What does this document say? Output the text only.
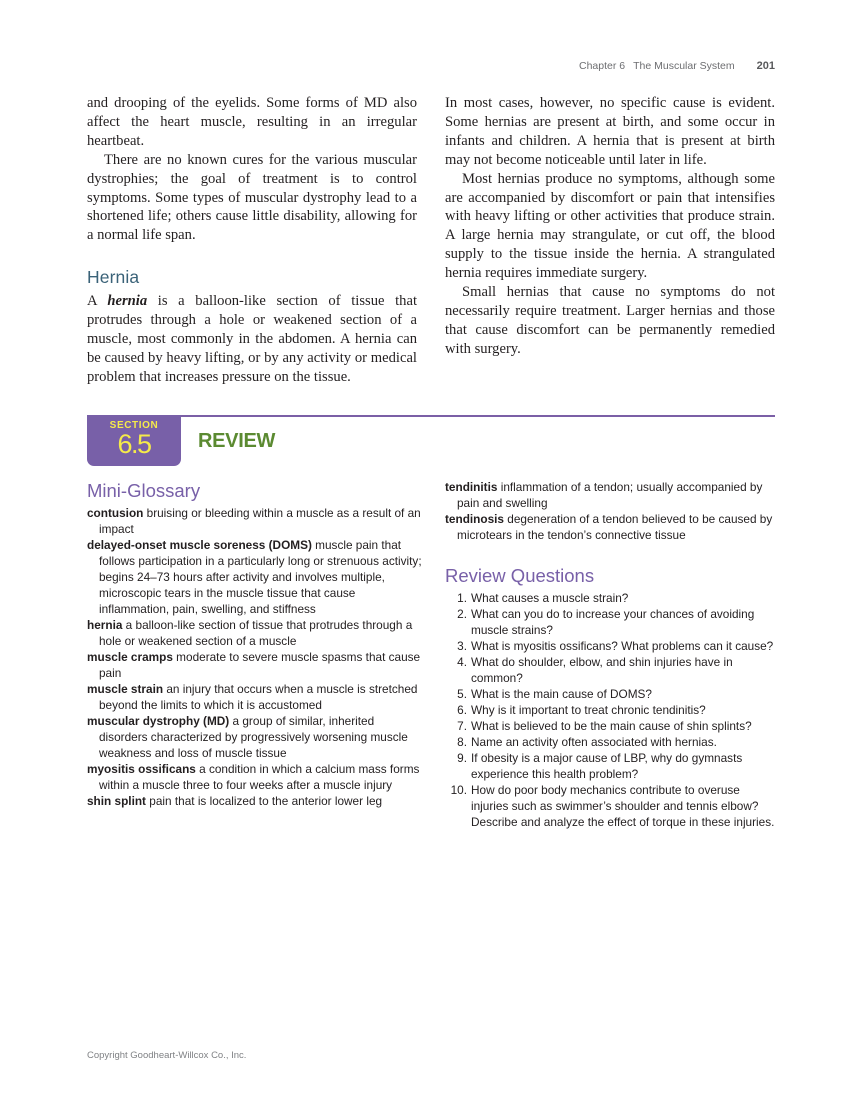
Chapter 6 The Muscular System 201

and drooping of the eyelids. Some forms of MD also affect the heart muscle, resulting in an irregular heartbeat.

There are no known cures for the various muscular dystrophies; the goal of treatment is to control symptoms. Some types of muscular dystrophy lead to a shortened life; others cause little disability, allowing for a normal life span.

Hernia

A hernia is a balloon-like section of tissue that protrudes through a hole or weakened section of a muscle, most commonly in the abdomen. A hernia can be caused by heavy lifting, or by any activity or medical problem that increases pressure on the tissue.

In most cases, however, no specific cause is evident. Some hernias are present at birth, and some occur in infants and children. A hernia that is present at birth may not become noticeable until later in life.

Most hernias produce no symptoms, although some are accompanied by discomfort or pain that intensifies with heavy lifting or other activities that produce strain. A large hernia may strangulate, or cut off, the blood supply to the tissue inside the hernia. A strangulated hernia requires immediate surgery.

Small hernias that cause no symptoms do not necessarily require treatment. Larger hernias and those that cause discomfort can be permanently remedied with surgery.

SECTION
6.5	REVIEW
Mini-Glossary
contusion bruising or bleeding within a muscle as a result of an impact
delayed-onset muscle soreness (DOMS) muscle pain that follows participation in a particularly long or strenuous activity; begins 24–73 hours after activity and involves multiple, microscopic tears in the muscle tissue that cause inflammation, pain, swelling, and stiffness
hernia a balloon-like section of tissue that protrudes through a hole or weakened section of a muscle
muscle cramps moderate to severe muscle spasms that cause pain
muscle strain an injury that occurs when a muscle is stretched beyond the limits to which it is accustomed
muscular dystrophy (MD) a group of similar, inherited disorders characterized by progressively worsening muscle weakness and loss of muscle tissue
myositis ossificans a condition in which a calcium mass forms within a muscle three to four weeks after a muscle injury
shin splint pain that is localized to the anterior lower leg
tendinitis inflammation of a tendon; usually accompanied by pain and swelling
tendinosis degeneration of a tendon believed to be caused by microtears in the tendon’s connective tissue
Review Questions
1. What causes a muscle strain?
2. What can you do to increase your chances of avoiding muscle strains?
3. What is myositis ossificans? What problems can it cause?
4. What do shoulder, elbow, and shin injuries have in common?
5. What is the main cause of DOMS?
6. Why is it important to treat chronic tendinitis?
7. What is believed to be the main cause of shin splints?
8. Name an activity often associated with hernias.
9. If obesity is a major cause of LBP, why do gymnasts experience this health problem?
10. How do poor body mechanics contribute to overuse injuries such as swimmer’s shoulder and tennis elbow? Describe and analyze the effect of torque in these injuries.
Copyright Goodheart-Willcox Co., Inc.
